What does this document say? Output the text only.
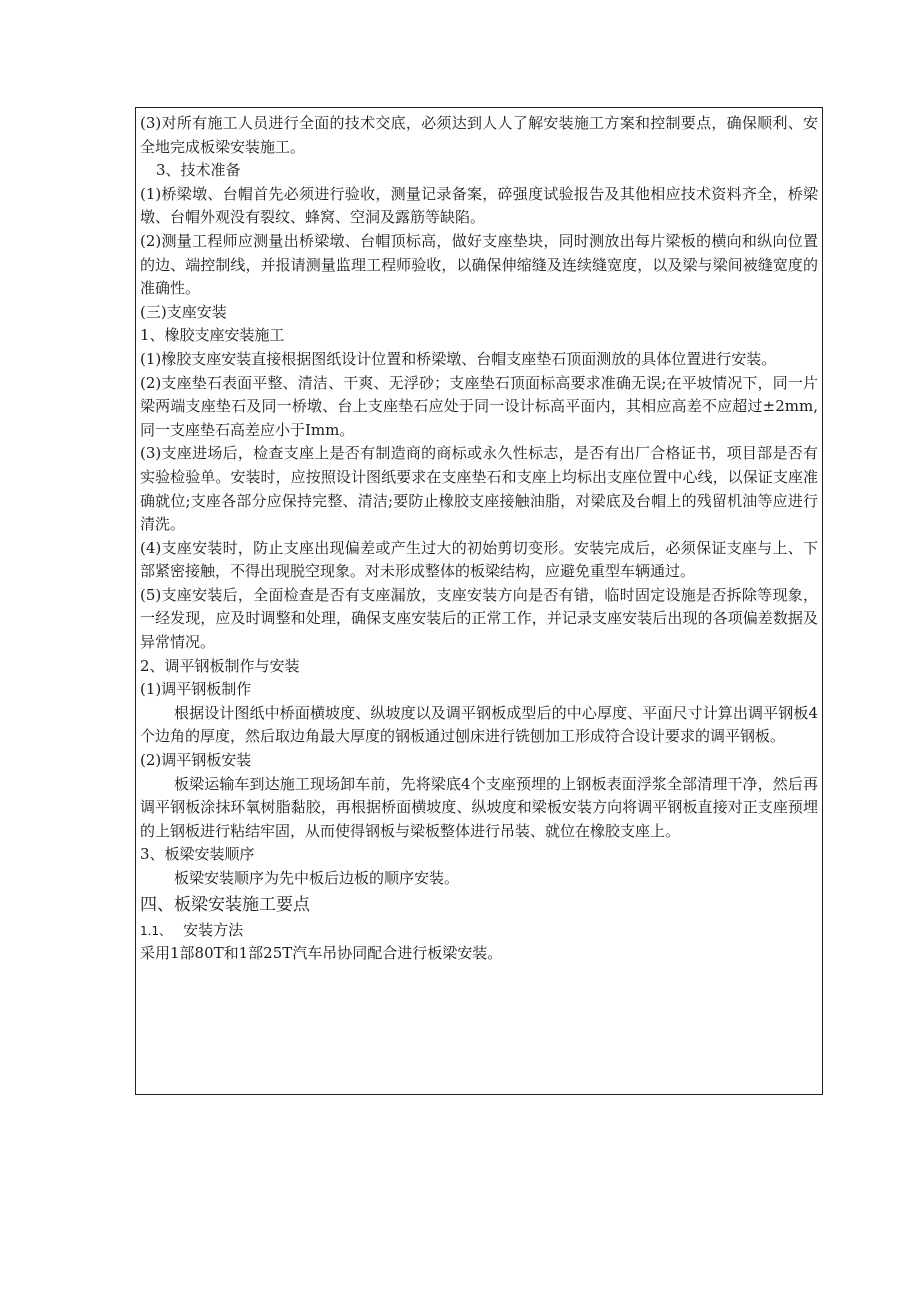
(3)对所有施工人员进行全面的技术交底，必须达到人人了解安装施工方案和控制要点，确保顺利、安全地完成板梁安装施工。

3、技术准备

(1)桥梁墩、台帽首先必须进行验收，测量记录备案，碎强度试验报告及其他相应技术资料齐全，桥梁墩、台帽外观没有裂纹、蜂窝、空洞及露筋等缺陷。

(2)测量工程师应测量出桥梁墩、台帽顶标高，做好支座垫块，同时测放出每片梁板的横向和纵向位置的边、端控制线，并报请测量监理工程师验收，以确保伸缩缝及连续缝宽度，以及梁与梁间被缝宽度的准确性。

(三)支座安装

1、橡胶支座安装施工

(1)橡胶支座安装直接根据图纸设计位置和桥梁墩、台帽支座垫石顶面测放的具体位置进行安装。

(2)支座垫石表面平整、清洁、干爽、无浮砂；支座垫石顶面标高要求准确无误;在平坡情况下，同一片梁两端支座垫石及同一桥墩、台上支座垫石应处于同一设计标高平面内，其相应高差不应超过±2mm,同一支座垫石高差应小于Imm。

(3)支座进场后，检查支座上是否有制造商的商标或永久性标志，是否有出厂合格证书，项目部是否有实验检验单。安装时，应按照设计图纸要求在支座垫石和支座上均标出支座位置中心线，以保证支座准确就位;支座各部分应保持完整、清洁;要防止橡胶支座接触油脂，对梁底及台帽上的残留机油等应进行清洗。

(4)支座安装时，防止支座出现偏差或产生过大的初始剪切变形。安装完成后，必须保证支座与上、下部紧密接触，不得出现脱空现象。对未形成整体的板梁结构，应避免重型车辆通过。

(5)支座安装后，全面检查是否有支座漏放，支座安装方向是否有错，临时固定设施是否拆除等现象，一经发现，应及时调整和处理，确保支座安装后的正常工作，并记录支座安装后出现的各项偏差数据及异常情况。

2、调平钢板制作与安装

(1)调平钢板制作

根据设计图纸中桥面横坡度、纵坡度以及调平钢板成型后的中心厚度、平面尺寸计算出调平钢板4个边角的厚度，然后取边角最大厚度的钢板通过刨床进行铣刨加工形成符合设计要求的调平钢板。

(2)调平钢板安装

板梁运输车到达施工现场卸车前，先将梁底4个支座预埋的上钢板表面浮浆全部清理干净，然后再调平钢板涂抹环氧树脂黏胶，再根据桥面横坡度、纵坡度和梁板安装方向将调平钢板直接对正支座预埋的上钢板进行粘结牢固，从而使得钢板与梁板整体进行吊装、就位在橡胶支座上。

3、板梁安装顺序

板梁安装顺序为先中板后边板的顺序安装。

四、板梁安装施工要点

1.1、 安装方法

采用1部80T和1部25T汽车吊协同配合进行板梁安装。
